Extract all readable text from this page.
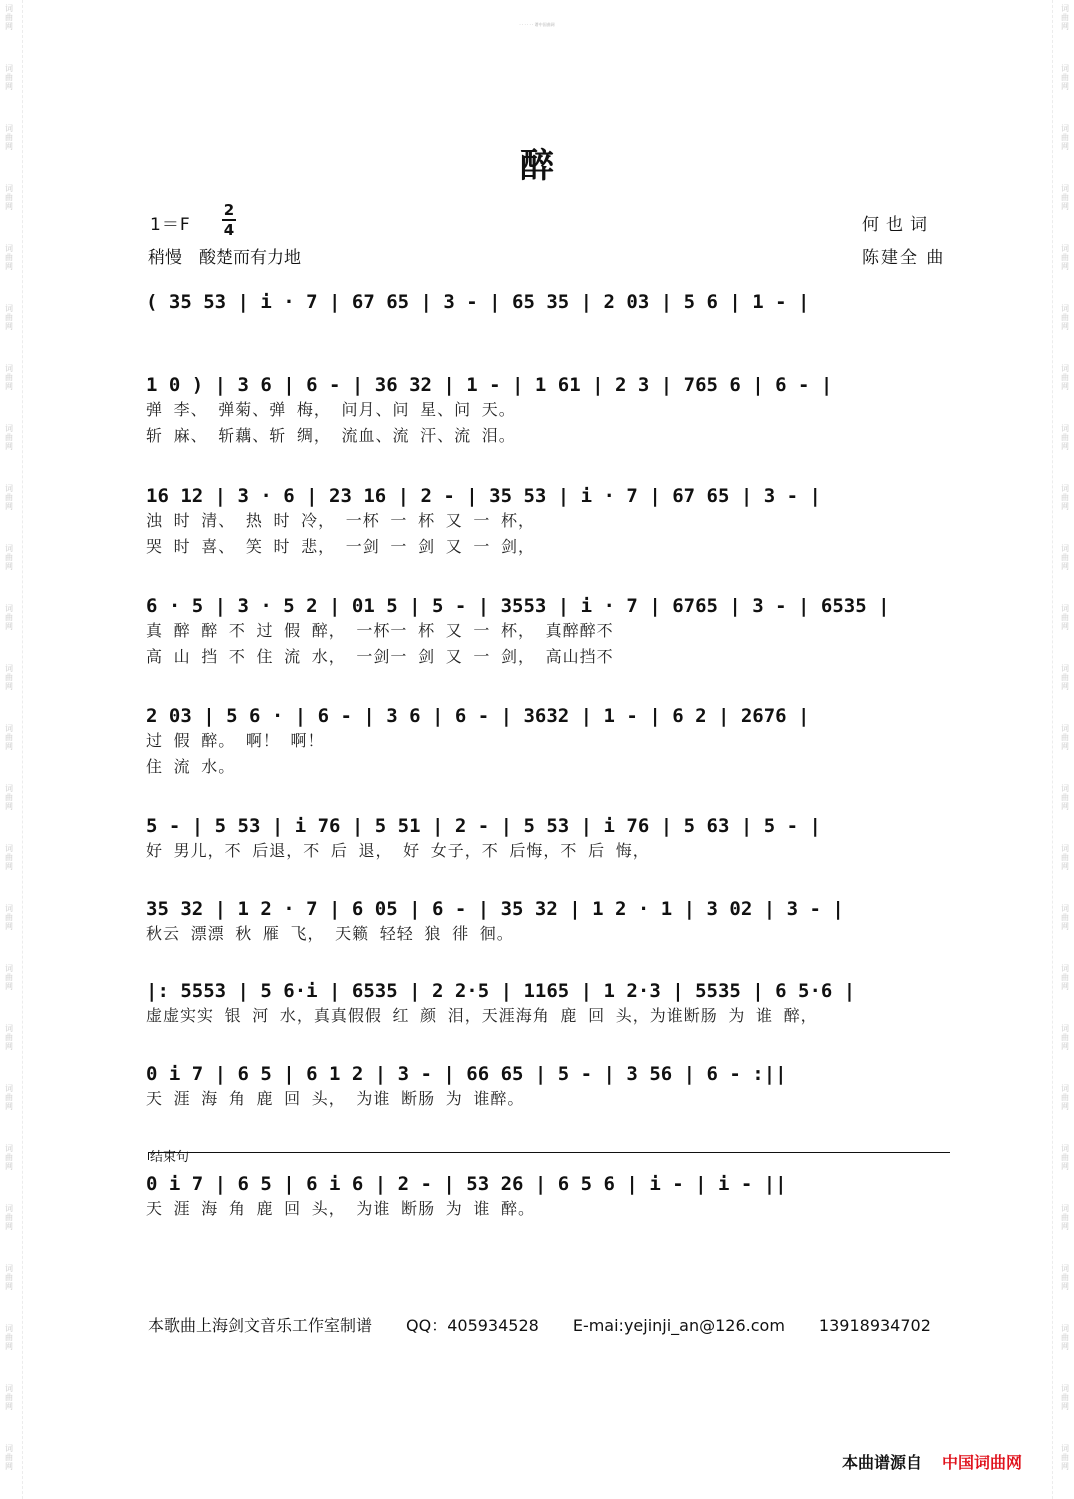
词
曲
网
词
曲
网
词
曲
网
词
曲
网
词
曲
网
词
曲
网
词
曲
网
词
曲
网
词
曲
网
词
曲
网
词
曲
网
词
曲
网
词
曲
网
词
曲
网
词
曲
网
词
曲
网
词
曲
网
词
曲
网
词
曲
网
词
曲
网
词
曲
网
词
曲
网
词
曲
网
词
曲
网
词
曲
网
词
曲
网
词
曲
网
词
曲
网
词
曲
网
词
曲
网
词
曲
网
词
曲
网
词
曲
网
词
曲
网
词
曲
网
词
曲
网
词
曲
网
词
曲
网
词
曲
网
词
曲
网
词
曲
网
词
曲
网
词
曲
网
词
曲
网
词
曲
网
词
曲
网
词
曲
网
词
曲
网
词
曲
网
词
曲
网
· · · · · · 谱中国曲网
醉
1＝F
2
4
稍慢　酸楚而有力地
何也词
陈建全 曲
( 35 53 | i · 7 | 67 65 | 3 - | 65 35 | 2 03 | 5 6 | 1 - |
1 0 ) | 3 6 | 6 - | 36 32 | 1 - | 1 61 | 2 3 | 765 6 | 6 - |
弹 李、 弹菊、弹 梅， 问月、问 星、问 天。
斩 麻、 斩藕、斩 绸， 流血、流 汗、流 泪。
16 12 | 3 · 6 | 23 16 | 2 - | 35 53 | i · 7 | 67 65 | 3 - |
浊 时 清、 热 时 冷， 一杯 一 杯 又 一 杯，
哭 时 喜、 笑 时 悲， 一剑 一 剑 又 一 剑，
6 · 5 | 3 · 5 2 | 01 5 | 5 - | 3553 | i · 7 | 6765 | 3 - | 6535 |
真 醉 醉 不 过 假 醉， 一杯一 杯 又 一 杯， 真醉醉不
高 山 挡 不 住 流 水， 一剑一 剑 又 一 剑， 高山挡不
2 03 | 5 6 · | 6 - | 3 6 | 6 - | 3632 | 1 - | 6 2 | 2676 |
过 假 醉。 啊！ 啊！
住 流 水。
5 - | 5 53 | i 76 | 5 51 | 2 - | 5 53 | i 76 | 5 63 | 5 - |
好 男儿，不 后退，不 后 退， 好 女子，不 后悔，不 后 悔，
35 32 | 1 2 · 7 | 6 05 | 6 - | 35 32 | 1 2 · 1 | 3 02 | 3 - |
秋云 漂漂 秋 雁 飞， 天籁 轻轻 狼 徘 徊。
|: 5553 | 5 6·i | 6535 | 2 2·5 | 1165 | 1 2·3 | 5535 | 6 5·6 |
虚虚实实 银 河 水，真真假假 红 颜 泪，天涯海角 鹿 回 头，为谁断肠 为 谁 醉，
0 i 7 | 6 5 | 6 1 2 | 3 - | 66 65 | 5 - | 3 56 | 6 - :||
天 涯 海 角 鹿 回 头， 为谁 断肠 为 谁醉。
结束句
0 i 7 | 6 5 | 6 i 6 | 2 - | 53 26 | 6 5 6 | i - | i - ||
天 涯 海 角 鹿 回 头， 为谁 断肠 为 谁 醉。
本歌曲上海剑文音乐工作室制谱 QQ：405934528 E-mai:yejinji_an@126.com 13918934702
本曲谱源自 中国词曲网
